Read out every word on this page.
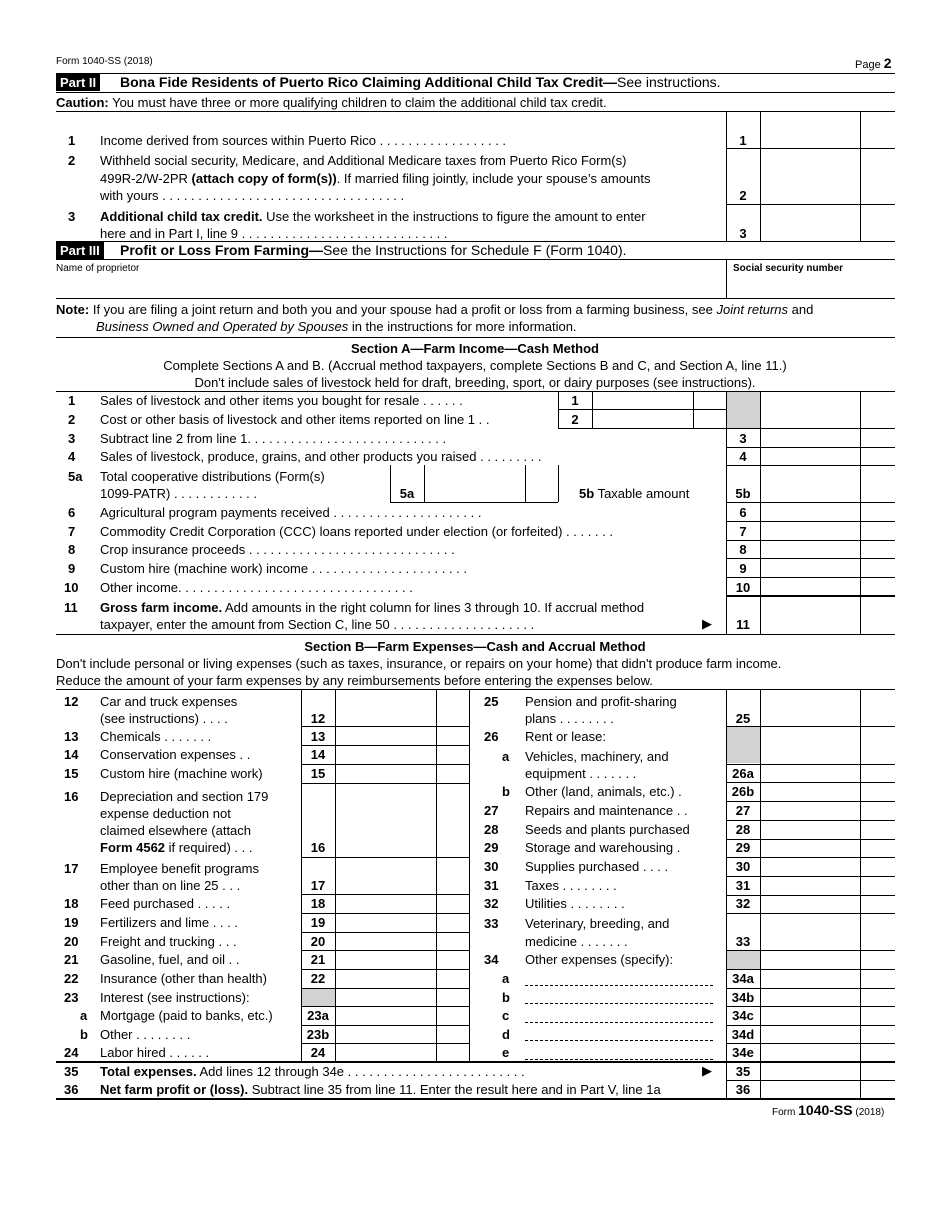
Form 1040-SS (2018)	Page 2
Part II Bona Fide Residents of Puerto Rico Claiming Additional Child Tax Credit—See instructions.
Caution: You must have three or more qualifying children to claim the additional child tax credit.
1 Income derived from sources within Puerto Rico . . . . . . . . . . . . . . . . . .	1
2 Withheld social security, Medicare, and Additional Medicare taxes from Puerto Rico Form(s)
499R-2/W-2PR (attach copy of form(s)). If married filing jointly, include your spouse’s amounts
with yours . . . . . . . . . . . . . . . . . . . . . . . . . . . . . . . . . .	2
3 Additional child tax credit. Use the worksheet in the instructions to figure the amount to enter
here and in Part I, line 9 . . . . . . . . . . . . . . . . . . . . . . . . . . . . .	3
Part III Profit or Loss From Farming—See the Instructions for Schedule F (Form 1040).
Name of proprietor	Social security number
Note: If you are filing a joint return and both you and your spouse had a profit or loss from a farming business, see Joint returns and
Business Owned and Operated by Spouses in the instructions for more information.
Section A—Farm Income—Cash Method
Complete Sections A and B. (Accrual method taxpayers, complete Sections B and C, and Section A, line 11.)
Don't include sales of livestock held for draft, breeding, sport, or dairy purposes (see instructions).
1 Sales of livestock and other items you bought for resale . . . . . .	1
2 Cost or other basis of livestock and other items reported on line 1 . .	2
3 Subtract line 2 from line 1. . . . . . . . . . . . . . . . . . . . . . . . . . . .	3
4 Sales of livestock, produce, grains, and other products you raised . . . . . . . . .	4
5a Total cooperative distributions (Form(s)
1099-PATR) . . . . . . . . . . . .	5a	5b Taxable amount	5b
6 Agricultural program payments received . . . . . . . . . . . . . . . . . . . . .	6
7 Commodity Credit Corporation (CCC) loans reported under election (or forfeited) . . . . . . .	7
8 Crop insurance proceeds . . . . . . . . . . . . . . . . . . . . . . . . . . . . .	8
9 Custom hire (machine work) income . . . . . . . . . . . . . . . . . . . . . .	9
10 Other income. . . . . . . . . . . . . . . . . . . . . . . . . . . . . . . . .	10
11 Gross farm income. Add amounts in the right column for lines 3 through 10. If accrual method
taxpayer, enter the amount from Section C, line 50 . . . . . . . . . . . . . . . . . . . .	▶	11
Section B—Farm Expenses—Cash and Accrual Method
Don't include personal or living expenses (such as taxes, insurance, or repairs on your home) that didn't produce farm income.
Reduce the amount of your farm expenses by any reimbursements before entering the expenses below.
12 Car and truck expenses
(see instructions) . . . .	12
13 Chemicals . . . . . . .	13
14 Conservation expenses . .	14
15 Custom hire (machine work)	15
16 Depreciation and section 179
expense deduction not
claimed elsewhere (attach
Form 4562 if required) . . .	16
17 Employee benefit programs
other than on line 25 . . .	17
18 Feed purchased . . . . .	18
19 Fertilizers and lime . . . .	19
20 Freight and trucking . . .	20
21 Gasoline, fuel, and oil . .	21
22 Insurance (other than health)	22
23 Interest (see instructions):
a Mortgage (paid to banks, etc.)	23a
b Other . . . . . . . .	23b
24 Labor hired . . . . . .	24
25 Pension and profit-sharing
plans . . . . . . . .	25
26 Rent or lease:
a Vehicles, machinery, and
equipment . . . . . . .	26a
b Other (land, animals, etc.) .	26b
27 Repairs and maintenance . .	27
28 Seeds and plants purchased	28
29 Storage and warehousing .	29
30 Supplies purchased . . . .	30
31 Taxes . . . . . . . .	31
32 Utilities . . . . . . . .	32
33 Veterinary, breeding, and
medicine . . . . . . .	33
34 Other expenses (specify):
a	34a
b	34b
c	34c
d	34d
e	34e
35 Total expenses. Add lines 12 through 34e . . . . . . . . . . . . . . . . . . . . . . . . .	▶	35
36 Net farm profit or (loss). Subtract line 35 from line 11. Enter the result here and in Part V, line 1a	36
Form 1040-SS (2018)
